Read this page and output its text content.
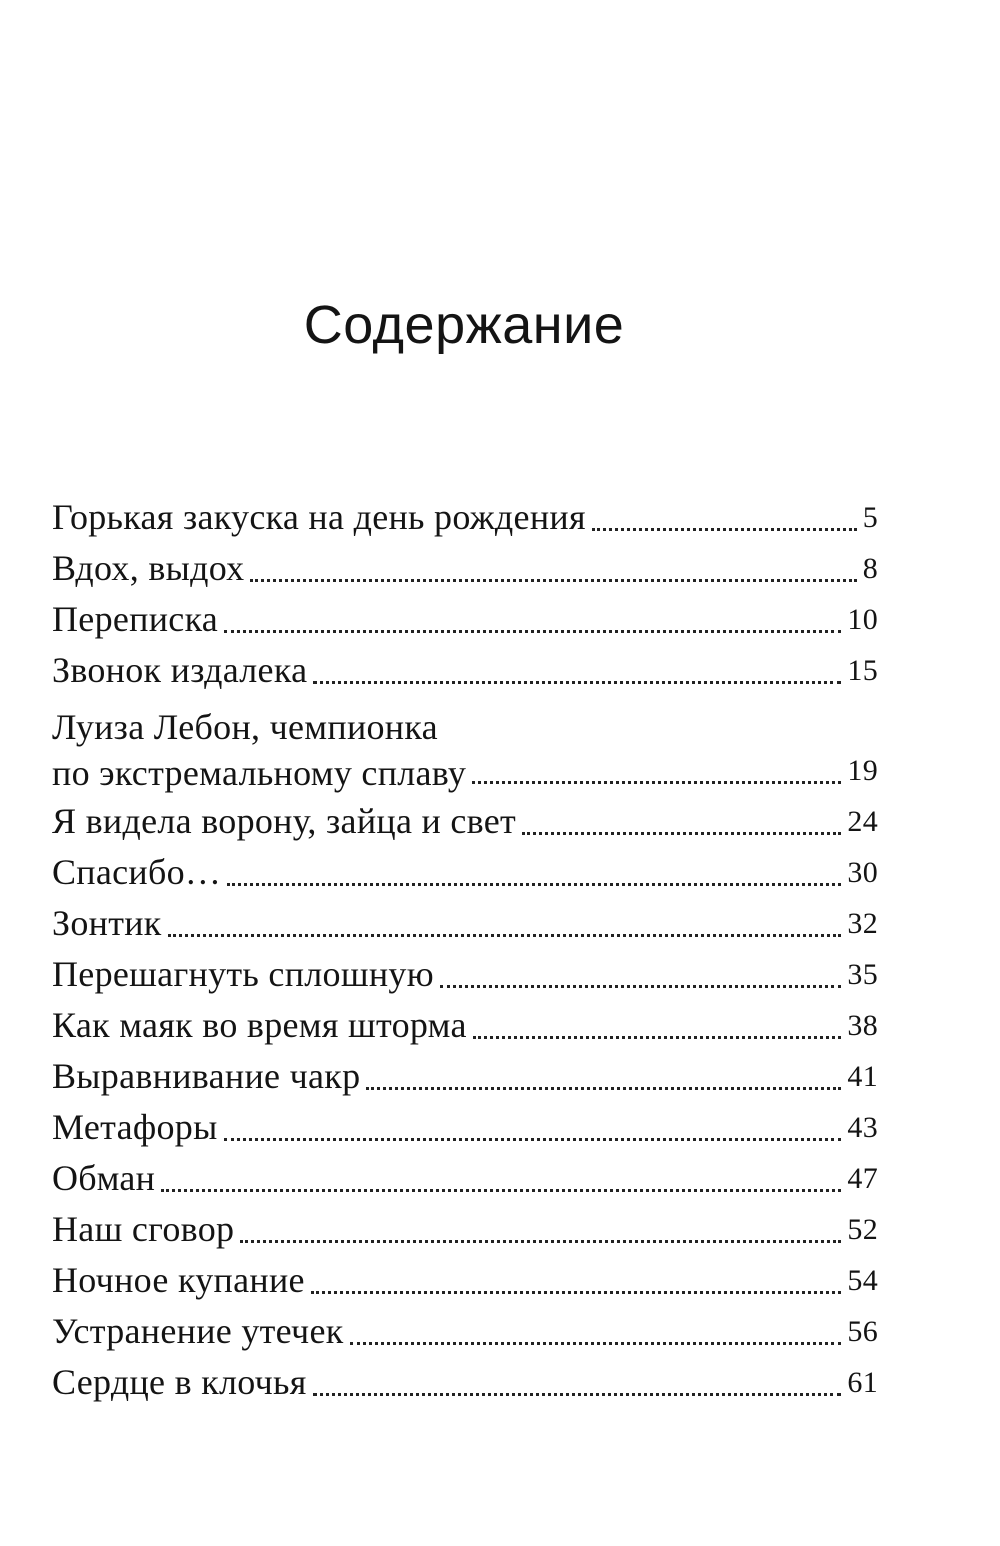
Содержание
Горькая закуска на день рождения	5
Вдох, выдох	8
Переписка	10
Звонок издалека	15
Луиза Лебон, чемпионка
по экстремальному сплаву	19
Я видела ворону, зайца и свет	24
Спасибо…	30
Зонтик	32
Перешагнуть сплошную	35
Как маяк во время шторма	38
Выравнивание чакр	41
Метафоры	43
Обман	47
Наш сговор	52
Ночное купание	54
Устранение утечек	56
Сердце в клочья	61
